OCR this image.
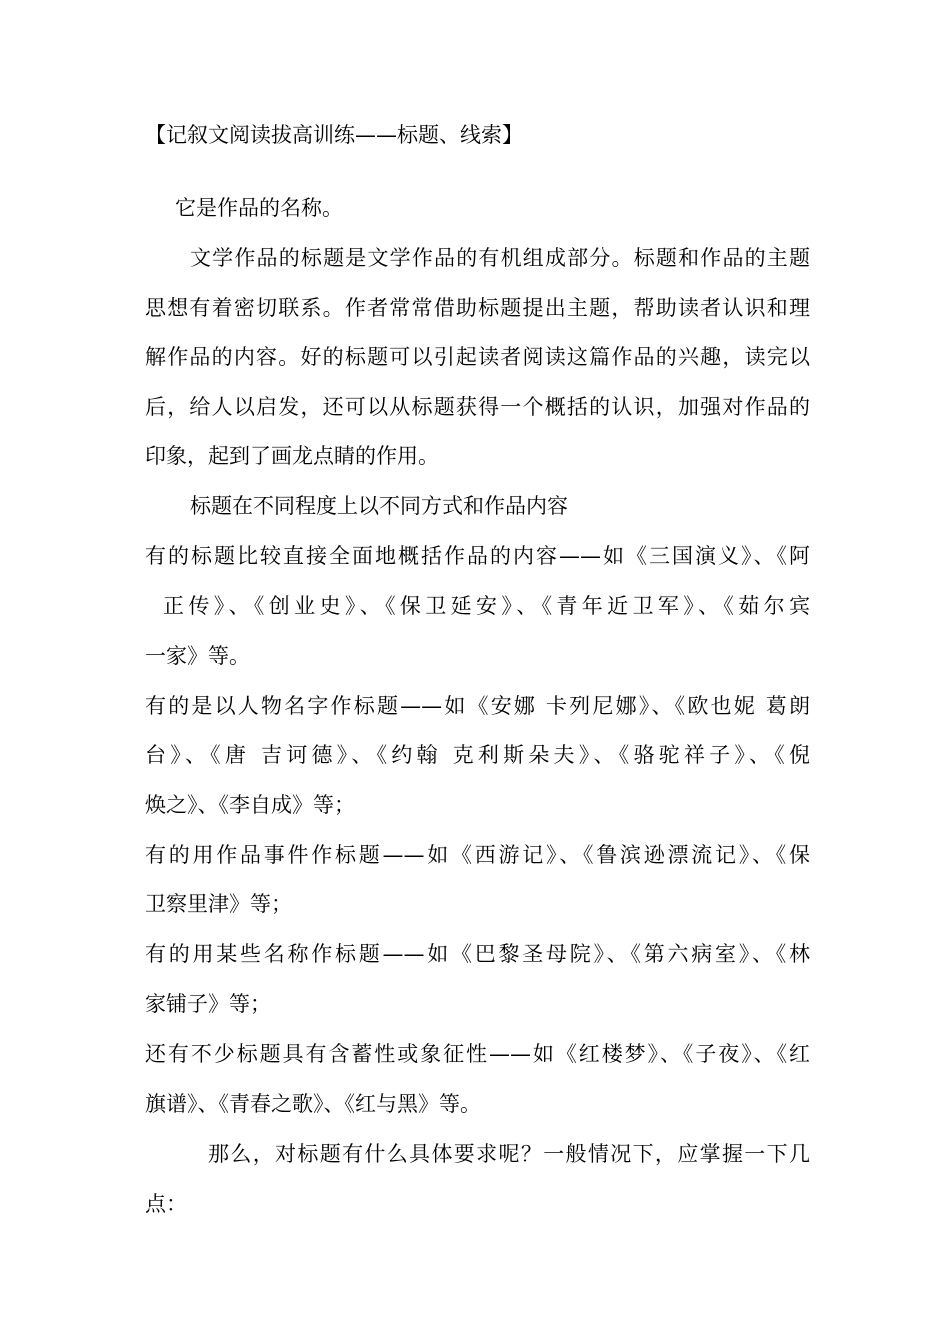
【记叙文阅读拔高训练——标题、线索】
它是作品的名称。
文学作品的标题是文学作品的有机组成部分。标题和作品的主题
思想有着密切联系。作者常常借助标题提出主题，帮助读者认识和理
解作品的内容。好的标题可以引起读者阅读这篇作品的兴趣，读完以
后，给人以启发，还可以从标题获得一个概括的认识，加强对作品的
印象，起到了画龙点睛的作用。
标题在不同程度上以不同方式和作品内容
有的标题比较直接全面地概括作品的内容——如《三国演义》、《阿
正传》、《创业史》、《保卫延安》、《青年近卫军》、《茹尔宾
一家》等。
有的是以人物名字作标题——如《安娜 卡列尼娜》、《欧也妮 葛朗
台》、《唐 吉诃德》、《约翰 克利斯朵夫》、《骆驼祥子》、《倪
焕之》、《李自成》等；
有的用作品事件作标题——如《西游记》、《鲁滨逊漂流记》、《保
卫察里津》等；
有的用某些名称作标题——如《巴黎圣母院》、《第六病室》、《林
家铺子》等；
还有不少标题具有含蓄性或象征性——如《红楼梦》、《子夜》、《红
旗谱》、《青春之歌》、《红与黑》等。
那么，对标题有什么具体要求呢？一般情况下，应掌握一下几
点：
